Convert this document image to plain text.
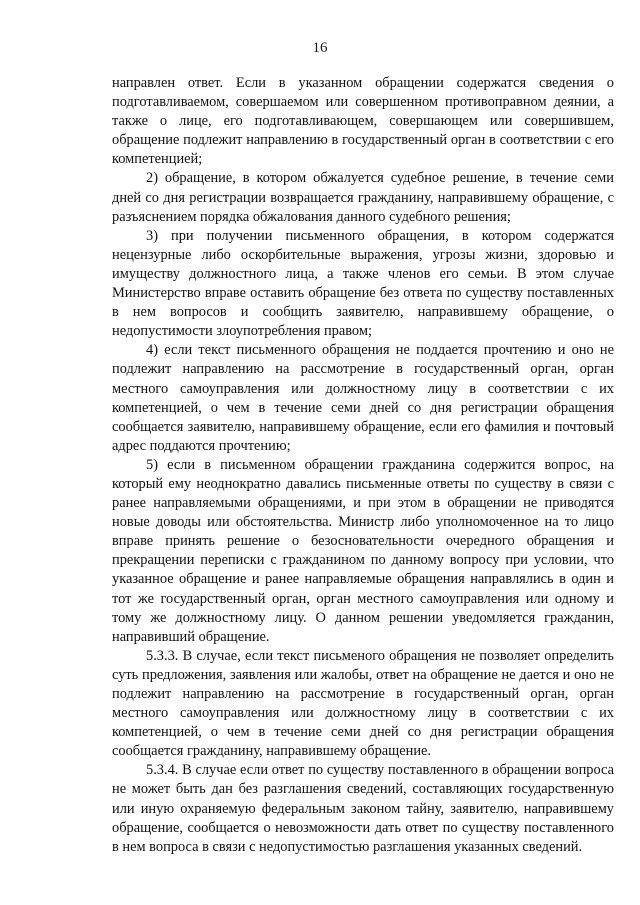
16

направлен ответ. Если в указанном обращении содержатся сведения о подготавливаемом, совершаемом или совершенном противоправном деянии, а также о лице, его подготавливающем, совершающем или совершившем, обращение подлежит направлению в государственный орган в соответствии с его компетенцией;

2) обращение, в котором обжалуется судебное решение, в течение семи дней со дня регистрации возвращается гражданину, направившему обращение, с разъяснением порядка обжалования данного судебного решения;

3) при получении письменного обращения, в котором содержатся нецензурные либо оскорбительные выражения, угрозы жизни, здоровью и имуществу должностного лица, а также членов его семьи. В этом случае Министерство вправе оставить обращение без ответа по существу поставленных в нем вопросов и сообщить заявителю, направившему обращение, о недопустимости злоупотребления правом;

4) если текст письменного обращения не поддается прочтению и оно не подлежит направлению на рассмотрение в государственный орган, орган местного самоуправления или должностному лицу в соответствии с их компетенцией, о чем в течение семи дней со дня регистрации обращения сообщается заявителю, направившему обращение, если его фамилия и почтовый адрес поддаются прочтению;

5) если в письменном обращении гражданина содержится вопрос, на который ему неоднократно давались письменные ответы по существу в связи с ранее направляемыми обращениями, и при этом в обращении не приводятся новые доводы или обстоятельства. Министр либо уполномоченное на то лицо вправе принять решение о безосновательности очередного обращения и прекращении переписки с гражданином по данному вопросу при условии, что указанное обращение и ранее направляемые обращения направлялись в один и тот же государственный орган, орган местного самоуправления или одному и тому же должностному лицу. О данном решении уведомляется гражданин, направивший обращение.

5.3.3. В случае, если текст письменого обращения не позволяет определить суть предложения, заявления или жалобы, ответ на обращение не дается и оно не подлежит направлению на рассмотрение в государственный орган, орган местного самоуправления или должностному лицу в соответствии с их компетенцией, о чем в течение семи дней со дня регистрации обращения сообщается гражданину, направившему обращение.

5.3.4. В случае если ответ по существу поставленного в обращении вопроса не может быть дан без разглашения сведений, составляющих государственную или иную охраняемую федеральным законом тайну, заявителю, направившему обращение, сообщается о невозможности дать ответ по существу поставленного в нем вопроса в связи с недопустимостью разглашения указанных сведений.
